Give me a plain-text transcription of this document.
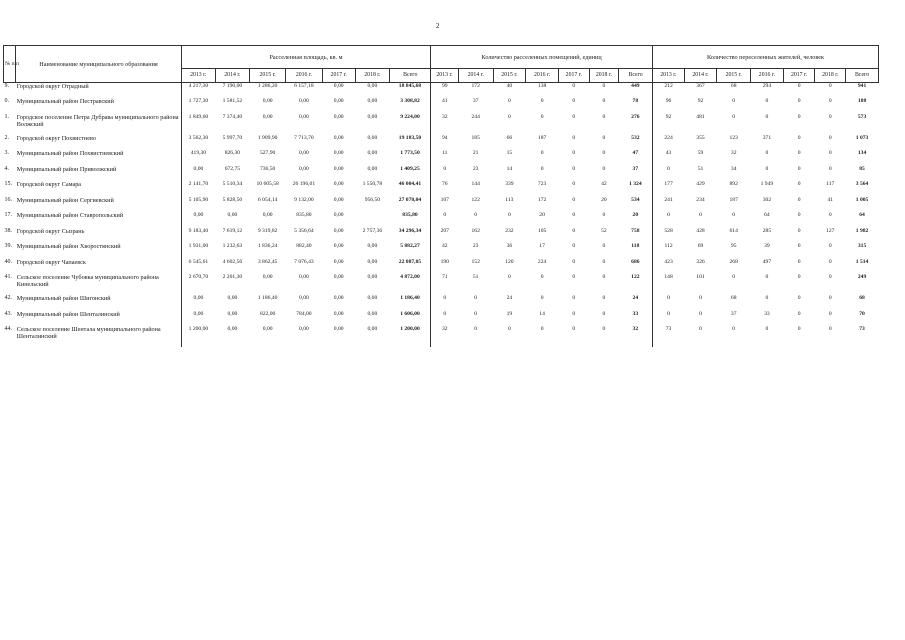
2
№ п/п	Наименование муниципального образования	Расселенная площадь, кв. м							Количество расселенных помещений, единиц							Количество переселенных жителей, человек						
		2013 г.	2014 г.	2015 г.	2016 г.	2017 г.	2018 г.	Всего	2013 г.	2014 г.	2015 г.	2016 г.	2017 г.	2018 г.	Всего	2013 г.	2014 г.	2015 г.	2016 г.	2017 г.	2018 г.	Всего
9.	Городской округ Отрадный	4 217,30	7 190,00	1 286,20	6 157,18	0,00	0,00	18 845,68	99	172	40	138	0	0	449	212	367	68	294	0	0	941
0.	Муниципальный район Пестравский	1 727,30	1 581,52	0,00	0,00	0,00	0,00	3 308,82	41	37	0	0	0	0	78	96	92	0	0	0	0	188
1.	Городское поселение Петра Дубрава муниципального района Волжский	1 849,60	7 374,40	0,00	0,00	0,00	0,00	9 224,00	32	244	0	0	0	0	276	92	481	0	0	0	0	573
2.	Городской округ Похвистнево	3 562,30	5 997,70	1 909,90	7 713,70	0,00	0,00	19 183,50	94	185	66	187	0	0	532	224	355	123	371	0	0	1 073
3.	Муниципальный район Похвистневский	419,30	826,30	527,90	0,00	0,00	0,00	1 773,50	11	21	15	0	0	0	47	43	59	32	0	0	0	134
4.	Муниципальный район Приволжский	0,00	672,75	736,50	0,00	0,00	0,00	1 409,25	0	23	14	0	0	0	37	0	51	34	0	0	0	85
15.	Городской округ Самара	2 141,70	5 510,34	10 605,58	26 196,01	0,00	1 550,78	46 004,41	76	144	339	723	0	42	1 324	177	429	892	1 949	0	117	3 564
16.	Муниципальный район Сергиевский	5 105,90	5 828,50	6 054,14	9 132,00	0,00	956,50	27 078,04	107	122	113	172	0	20	534	241	234	187	302	0	41	1 005
17.	Муниципальный район Ставропольский	0,00	0,00	0,00	835,80	0,00		835,80	0	0	0	20	0	0	20	0	0	0	64	0	0	64
38.	Городской округ Сызрань	9 183,40	7 619,12	9 319,82	5 356,64	0,00	2 757,36	34 296,34	207	162	232	105	0	52	758	528	428	614	285	0	127	1 982
39.	Муниципальный район Хворостянский	1 931,00	1 232,63	1 836,24	882,40	0,00	0,00	5 882,27	42	23	36	17	0	0	118	112	69	95	39	0	0	315
40.	Городской округ Чапаевск	6 545,61	4 602,56	3 862,45	7 076,43	0,00	0,00	22 087,05	190	152	120	224	0	0	686	423	326	268	497	0	0	1 514
41.	Сельское поселение Чубовка муниципального района Кинельский	2 670,70	2 201,30	0,00	0,00	0,00	0,00	4 872,00	71	51	0	0	0	0	122	148	101	0	0	0	0	249
42.	Муниципальный район Шигонский	0,00	0,00	1 186,40	0,00	0,00	0,00	1 186,40	0	0	24	0	0	0	24	0	0	68	0	0	0	68
43.	Муниципальный район Шенталинский	0,00	0,00	822,00	784,00	0,00	0,00	1 606,00	0	0	19	14	0	0	33	0	0	37	33	0	0	70
44.	Сельское поселение Шентала муниципального района Шенталинский	1 200,00	0,00	0,00	0,00	0,00	0,00	1 200,00	32	0	0	0	0	0	32	73	0	0	0	0	0	73
